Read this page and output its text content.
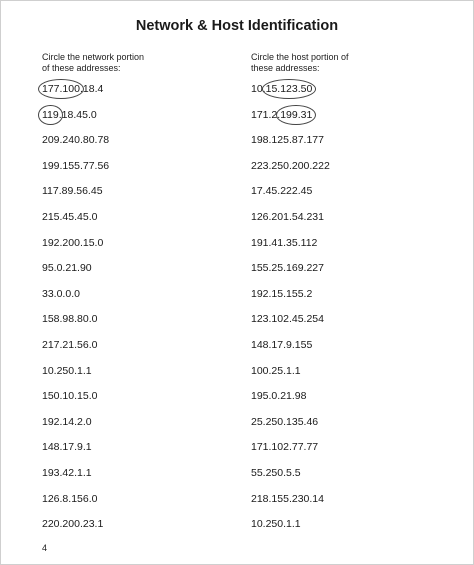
Network & Host Identification
Circle the network portion
of these addresses:
Circle the host portion of
these addresses:
177.100.18.4
119.18.45.0
209.240.80.78
199.155.77.56
117.89.56.45
215.45.45.0
192.200.15.0
95.0.21.90
33.0.0.0
158.98.80.0
217.21.56.0
10.250.1.1
150.10.15.0
192.14.2.0
148.17.9.1
193.42.1.1
126.8.156.0
220.200.23.1
10.15.123.50
171.2.199.31
198.125.87.177
223.250.200.222
17.45.222.45
126.201.54.231
191.41.35.112
155.25.169.227
192.15.155.2
123.102.45.254
148.17.9.155
100.25.1.1
195.0.21.98
25.250.135.46
171.102.77.77
55.250.5.5
218.155.230.14
10.250.1.1
4
